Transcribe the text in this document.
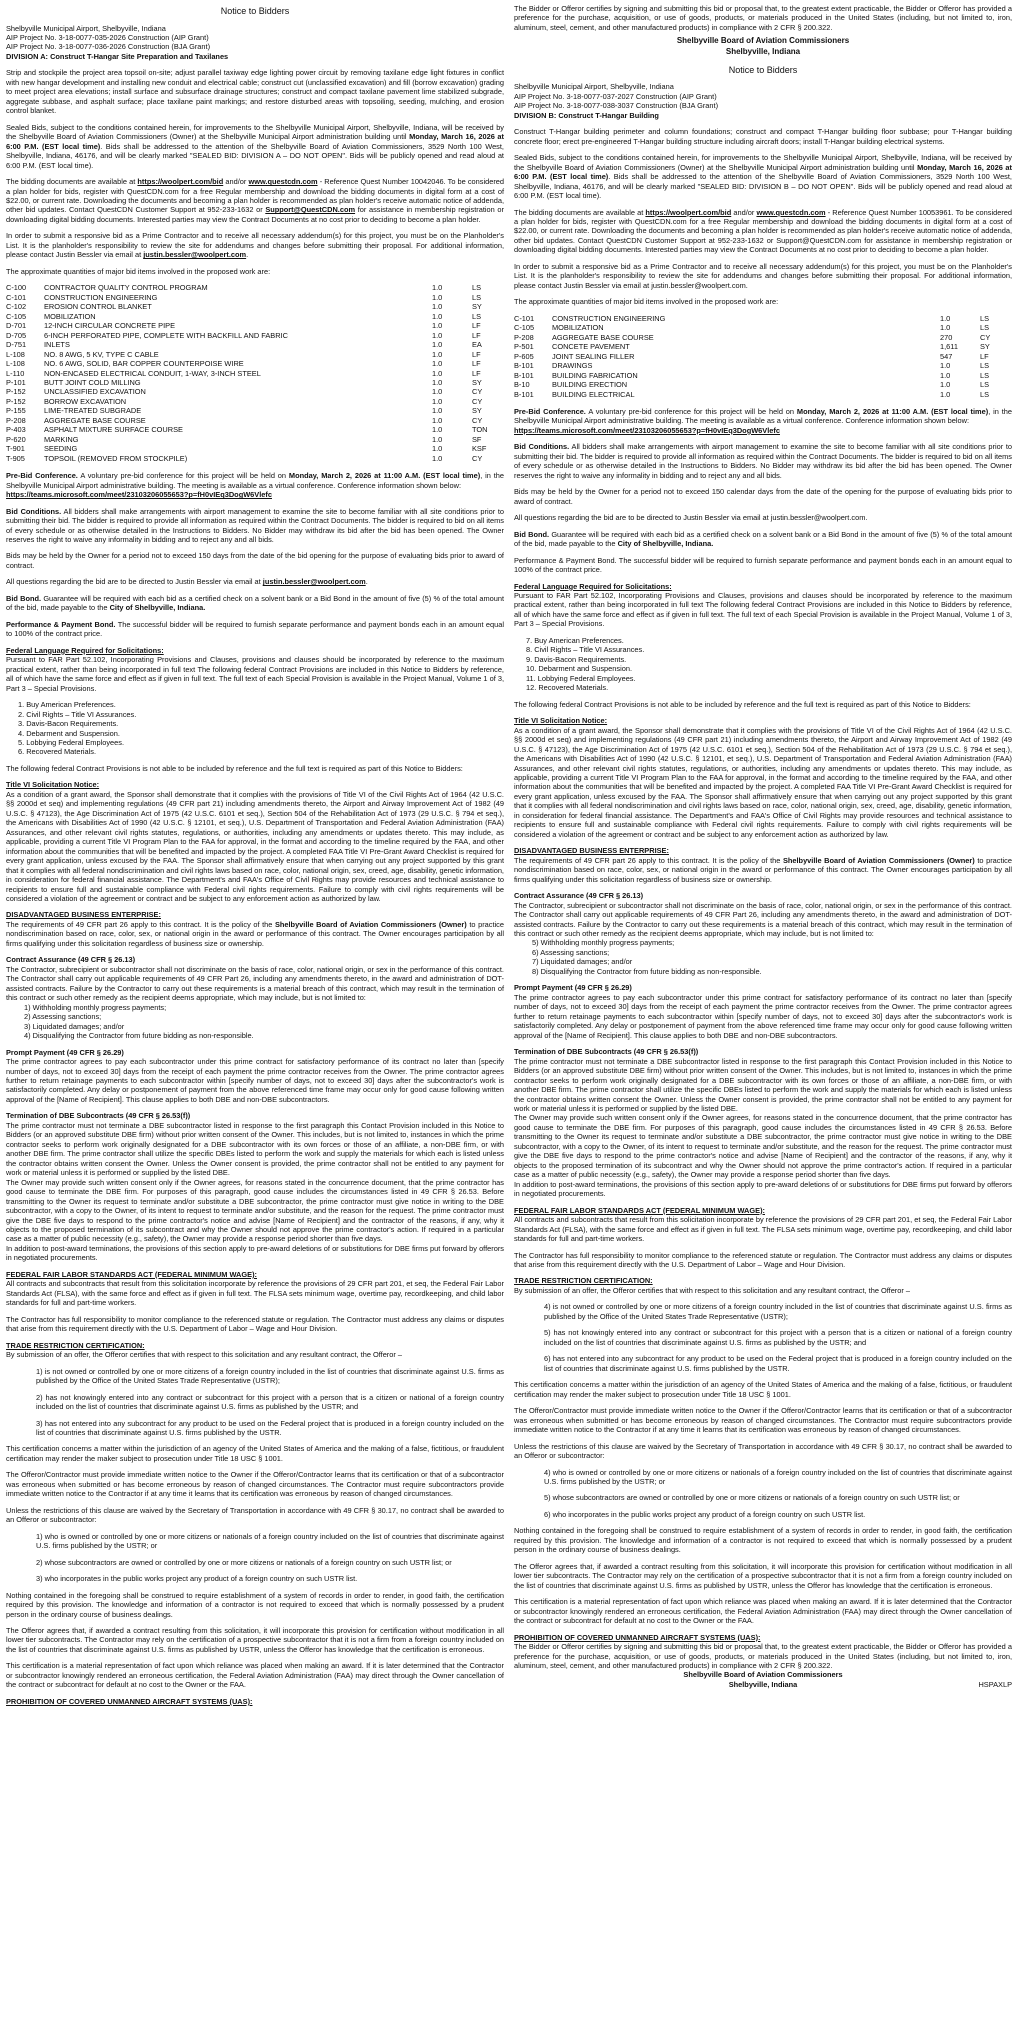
Notice to Bidders
Shelbyville Municipal Airport, Shelbyville, Indiana
AIP Project No. 3-18-0077-035-2026 Construction (AIP Grant)
AIP Project No. 3-18-0077-036-2026 Construction (BJA Grant)
DIVISION A: Construct T-Hangar Site Preparation and Taxilanes

Strip and stockpile the project area topsoil on-site; adjust parallel taxiway edge lighting power circuit by removing taxilane edge light fixtures in conflict with new hangar development and installing new conduit and electrical cable; construct cut (unclassified excavation) and fill (borrow excavation) grading to meet project area elevations; install surface and subsurface drainage structures; construct and compact taxilane pavement lime stabilized subgrade, aggregate subbase, and asphalt surface; place taxilane paint markings; and restore disturbed areas with topsoiling, seeding, mulching, and erosion control blanket.

Sealed Bids, subject to the conditions contained herein, for improvements to the Shelbyville Municipal Airport, Shelbyville, Indiana, will be received by the Shelbyville Board of Aviation Commissioners (Owner) at the Shelbyville Municipal Airport administration building until Monday, March 16, 2026 at 6:00 P.M. (EST local time). Bids shall be addressed to the attention of the Shelbyville Board of Aviation Commissioners, 3529 North 100 West, Shelbyville, Indiana, 46176, and will be clearly marked "SEALED BID: DIVISION A – DO NOT OPEN". Bids will be publicly opened and read aloud at 6:00 P.M. (EST local time).

The bidding documents are available at https://woolpert.com/bid and/or www.questcdn.com - Reference Quest Number 10042046. To be considered a plan holder for bids, register with QuestCDN.com for a free Regular membership and download the bidding documents in digital form at a cost of $22.00, or current rate. Downloading the documents and becoming a plan holder is recommended as plan holder's receive automatic notice of addenda, other bid updates. Contact QuestCDN Customer Support at 952-233-1632 or Support@QuestCDN.com for assistance in membership registration or downloading digital bidding documents. Interested parties may view the Contract Documents at no cost prior to deciding to become a plan holder.

In order to submit a responsive bid as a Prime Contractor and to receive all necessary addendum(s) for this project, you must be on the Planholder's List. It is the planholder's responsibility to review the site for addendums and changes before submitting their proposal. For additional information, please contact Justin Bessler via email at justin.bessler@woolpert.com.

The approximate quantities of major bid items involved in the proposed work are:

C-100	CONTRACTOR QUALITY CONTROL PROGRAM	1.0	LS
C-101	CONSTRUCTION ENGINEERING	1.0	LS
C-102	EROSION CONTROL BLANKET	1.0	SY
C-105	MOBILIZATION	1.0	LS
D-701	12-INCH CIRCULAR CONCRETE PIPE	1.0	LF
D-705	6-INCH PERFORATED PIPE, COMPLETE WITH BACKFILL AND FABRIC	1.0	LF
D-751	INLETS	1.0	EA
L-108	NO. 8 AWG, 5 KV, TYPE C CABLE	1.0	LF
L-108	NO. 6 AWG, SOLID, BAR COPPER COUNTERPOISE WIRE	1.0	LF
L-110	NON-ENCASED ELECTRICAL CONDUIT, 1-WAY, 3-INCH STEEL	1.0	LF
P-101	BUTT JOINT COLD MILLING	1.0	SY
P-152	UNCLASSIFIED EXCAVATION	1.0	CY
P-152	BORROW EXCAVATION	1.0	CY
P-155	LIME-TREATED SUBGRADE	1.0	SY
P-208	AGGREGATE BASE COURSE	1.0	CY
P-403	ASPHALT MIXTURE SURFACE COURSE	1.0	TON
P-620	MARKING	1.0	SF
T-901	SEEDING	1.0	KSF
T-905	TOPSOIL (REMOVED FROM STOCKPILE)	1.0	CY

Pre-Bid Conference. A voluntary pre-bid conference for this project will be held on Monday, March 2, 2026 at 11:00 A.M. (EST local time), in the Shelbyville Municipal Airport administrative building. The meeting is available as a virtual conference. Conference information shown below:
https://teams.microsoft.com/meet/23103206055653?p=fH0vIEq3DogW6Vlefc

Bid Conditions. All bidders shall make arrangements with airport management to examine the site to become familiar with all site conditions prior to submitting their bid. The bidder is required to provide all information as required within the Contract Documents. The bidder is required to bid on all items of every schedule or as otherwise detailed in the Instructions to Bidders. No Bidder may withdraw its bid after the bid has been opened. The Owner reserves the right to waive any informality in bidding and to reject any and all bids.

Bids may be held by the Owner for a period not to exceed 150 days from the date of the bid opening for the purpose of evaluating bids prior to award of contract.

All questions regarding the bid are to be directed to Justin Bessler via email at justin.bessler@woolpert.com.

Bid Bond. Guarantee will be required with each bid as a certified check on a solvent bank or a Bid Bond in the amount of five (5) % of the total amount of the bid, made payable to the City of Shelbyville, Indiana.

Performance & Payment Bond. The successful bidder will be required to furnish separate performance and payment bonds each in an amount equal to 100% of the contract price.

Federal Language Required for Solicitations:

Pursuant to FAR Part 52.102, Incorporating Provisions and Clauses, provisions and clauses should be incorporated by reference to the maximum practical extent, rather than being incorporated in full text The following federal Contract Provisions are included in this Notice to Bidders by reference, all of which have the same force and effect as if given in full text. The full text of each Special Provision is available in the Project Manual, Volume 1 of 3, Part 3 – Special Provisions.

1. Buy American Preferences.
2. Civil Rights – Title VI Assurances.
3. Davis-Bacon Requirements.
4. Debarment and Suspension.
5. Lobbying Federal Employees.
6. Recovered Materials.

The following federal Contract Provisions is not able to be included by reference and the full text is required as part of this Notice to Bidders:

Title VI Solicitation Notice:

As a condition of a grant award, the Sponsor shall demonstrate that it complies with the provisions of Title VI of the Civil Rights Act of 1964 (42 U.S.C. §§ 2000d et seq) and implementing regulations (49 CFR part 21) including amendments thereto, the Airport and Airway Improvement Act of 1982 (49 U.S.C. § 47123), the Age Discrimination Act of 1975 (42 U.S.C. 6101 et seq.), Section 504 of the Rehabilitation Act of 1973 (29 U.S.C. § 794 et seq.), the Americans with Disabilities Act of 1990 (42 U.S.C. § 12101, et seq.), U.S. Department of Transportation and Federal Aviation Administration (FAA) Assurances, and other relevant civil rights statutes, regulations, or authorities, including any amendments or updates thereto. This may include, as applicable, providing a current Title VI Program Plan to the FAA for approval, in the format and according to the timeline required by the FAA, and other information about the communities that will be benefited and impacted by the project. A completed FAA Title VI Pre-Grant Award Checklist is required for every grant application, unless excused by the FAA. The Sponsor shall affirmatively ensure that when carrying out any project supported by this grant that it complies with all federal nondiscrimination and civil rights laws based on race, color, national origin, sex, creed, age, disability, genetic information, in consideration for federal financial assistance. The Department's and FAA's Office of Civil Rights may provide resources and technical assistance to recipients to ensure full and sustainable compliance with Federal civil rights requirements. Failure to comply with civil rights requirements will be considered a violation of the agreement or contract and be subject to any enforcement action as authorized by law.

DISADVANTAGED BUSINESS ENTERPRISE:

The requirements of 49 CFR part 26 apply to this contract. It is the policy of the Shelbyville Board of Aviation Commissioners (Owner) to practice nondiscrimination based on race, color, sex, or national origin in the award or performance of this contract. The Owner encourages participation by all firms qualifying under this solicitation regardless of business size or ownership.

Contract Assurance (49 CFR § 26.13)

The Contractor, subrecipient or subcontractor shall not discriminate on the basis of race, color, national origin, or sex in the performance of this contract. The Contractor shall carry out applicable requirements of 49 CFR Part 26, including any amendments thereto, in the award and administration of DOT-assisted contracts. Failure by the Contractor to carry out these requirements is a material breach of this contract, which may result in the termination of this contract or such other remedy as the recipient deems appropriate, which may include, but is not limited to:

1) Withholding monthly progress payments;
2) Assessing sanctions;
3) Liquidated damages; and/or
4) Disqualifying the Contractor from future bidding as non-responsible.
Prompt Payment (49 CFR § 26.29)

The prime contractor agrees to pay each subcontractor under this prime contract for satisfactory performance of its contract no later than [specify number of days, not to exceed 30] days from the receipt of each payment the prime contractor receives from the Owner. The prime contractor agrees further to return retainage payments to each subcontractor within [specify number of days, not to exceed 30] days after the subcontractor's work is satisfactorily completed. Any delay or postponement of payment from the above referenced time frame may occur only for good cause following written approval of the [Name of Recipient]. This clause applies to both DBE and non-DBE subcontractors.

Termination of DBE Subcontracts (49 CFR § 26.53(f))

The prime contractor must not terminate a DBE subcontractor listed in response to the first paragraph this Contact Provision included in this Notice to Bidders (or an approved substitute DBE firm) without prior written consent of the Owner. This includes, but is not limited to, instances in which the prime contractor seeks to perform work originally designated for a DBE subcontractor with its own forces or those of an affiliate, a non-DBE firm, or with another DBE firm. The prime contractor shall utilize the specific DBEs listed to perform the work and supply the materials for which each is listed unless the contractor obtains written consent the Owner. Unless the Owner consent is provided, the prime contractor shall not be entitled to any payment for work or material unless it is performed or supplied by the listed DBE.

The Owner may provide such written consent only if the Owner agrees, for reasons stated in the concurrence document, that the prime contractor has good cause to terminate the DBE firm. For purposes of this paragraph, good cause includes the circumstances listed in 49 CFR § 26.53. Before transmitting to the Owner its request to terminate and/or substitute a DBE subcontractor, the prime contractor must give notice in writing to the DBE subcontractor, with a copy to the Owner, of its intent to request to terminate and/or substitute, and the reason for the request. The prime contractor must give the DBE five days to respond to the prime contractor's notice and advise [Name of Recipient] and the contractor of the reasons, if any, why it objects to the proposed termination of its subcontract and why the Owner should not approve the prime contractor's action. If required in a particular case as a matter of public necessity (e.g., safety), the Owner may provide a response period shorter than five days.

In addition to post-award terminations, the provisions of this section apply to pre-award deletions of or substitutions for DBE firms put forward by offerors in negotiated procurements.

FEDERAL FAIR LABOR STANDARDS ACT (FEDERAL MINIMUM WAGE):

All contracts and subcontracts that result from this solicitation incorporate by reference the provisions of 29 CFR part 201, et seq, the Federal Fair Labor Standards Act (FLSA), with the same force and effect as if given in full text. The FLSA sets minimum wage, overtime pay, recordkeeping, and child labor standards for full and part-time workers.

The Contractor has full responsibility to monitor compliance to the referenced statute or regulation. The Contractor must address any claims or disputes that arise from this requirement directly with the U.S. Department of Labor – Wage and Hour Division.

TRADE RESTRICTION CERTIFICATION:

By submission of an offer, the Offeror certifies that with respect to this solicitation and any resultant contract, the Offeror –

1) is not owned or controlled by one or more citizens of a foreign country included in the list of countries that discriminate against U.S. firms as published by the Office of the United States Trade Representative (USTR);

2) has not knowingly entered into any contract or subcontract for this project with a person that is a citizen or national of a foreign country included on the list of countries that discriminate against U.S. firms as published by the USTR; and

3) has not entered into any subcontract for any product to be used on the Federal project that is produced in a foreign country included on the list of countries that discriminate against U.S. firms published by the USTR.

This certification concerns a matter within the jurisdiction of an agency of the United States of America and the making of a false, fictitious, or fraudulent certification may render the maker subject to prosecution under Title 18 USC § 1001.

The Offeror/Contractor must provide immediate written notice to the Owner if the Offeror/Contractor learns that its certification or that of a subcontractor was erroneous when submitted or has become erroneous by reason of changed circumstances. The Contractor must require subcontractors provide immediate written notice to the Contractor if at any time it learns that its certification was erroneous by reason of changed circumstances.

Unless the restrictions of this clause are waived by the Secretary of Transportation in accordance with 49 CFR § 30.17, no contract shall be awarded to an Offeror or subcontractor:

1) who is owned or controlled by one or more citizens or nationals of a foreign country included on the list of countries that discriminate against U.S. firms published by the USTR; or

2) whose subcontractors are owned or controlled by one or more citizens or nationals of a foreign country on such USTR list; or

3) who incorporates in the public works project any product of a foreign country on such USTR list.

Nothing contained in the foregoing shall be construed to require establishment of a system of records in order to render, in good faith, the certification required by this provision. The knowledge and information of a contractor is not required to exceed that which is normally possessed by a prudent person in the ordinary course of business dealings.

The Offeror agrees that, if awarded a contract resulting from this solicitation, it will incorporate this provision for certification without modification in all lower tier subcontracts. The Contractor may rely on the certification of a prospective subcontractor that it is not a firm from a foreign country included on the list of countries that discriminate against U.S. firms as published by USTR, unless the Offeror has knowledge that the certification is erroneous.

This certification is a material representation of fact upon which reliance was placed when making an award. If it is later determined that the Contractor or subcontractor knowingly rendered an erroneous certification, the Federal Aviation Administration (FAA) may direct through the Owner cancellation of the contract or subcontract for default at no cost to the Owner or the FAA.

PROHIBITION OF COVERED UNMANNED AIRCRAFT SYSTEMS (UAS):

The Bidder or Offeror certifies by signing and submitting this bid or proposal that, to the greatest extent practicable, the Bidder or Offeror has provided a preference for the purchase, acquisition, or use of goods, products, or materials produced in the United States (including, but not limited to, iron, aluminum, steel, cement, and other manufactured products) in compliance with 2 CFR § 200.322.

Shelbyville Board of Aviation Commissioners
Shelbyville, Indiana
Notice to Bidders
Shelbyville Municipal Airport, Shelbyville, Indiana
AIP Project No. 3-18-0077-037-2027 Construction (AIP Grant)
AIP Project No. 3-18-0077-038-3037 Construction (BJA Grant)
DIVISION B: Construct T-Hangar Building

Construct T-Hangar building perimeter and column foundations; construct and compact T-Hangar building floor subbase; pour T-Hangar building concrete floor; erect pre-engineered T-Hangar building structure including aircraft doors; install T-Hangar building electrical systems.

Sealed Bids, subject to the conditions contained herein, for improvements to the Shelbyville Municipal Airport, Shelbyville, Indiana, will be received by the Shelbyville Board of Aviation Commissioners (Owner) at the Shelbyville Municipal Airport administration building until Monday, March 16, 2026 at 6:00 P.M. (EST local time). Bids shall be addressed to the attention of the Shelbyville Board of Aviation Commissioners, 3529 North 100 West, Shelbyville, Indiana, 46176, and will be clearly marked "SEALED BID: DIVISION B – DO NOT OPEN". Bids will be publicly opened and read aloud at 6:00 P.M. (EST local time).

The bidding documents are available at https://woolpert.com/bid and/or www.questcdn.com - Reference Quest Number 10053961. To be considered a plan holder for bids, register with QuestCDN.com for a free Regular membership and download the bidding documents in digital form at a cost of $22.00, or current rate. Downloading the documents and becoming a plan holder is recommended as plan holder's receive automatic notice of addenda, other bid updates. Contact QuestCDN Customer Support at 952-233-1632 or Support@QuestCDN.com for assistance in membership registration or downloading digital bidding documents. Interested parties may view the Contract Documents at no cost prior to deciding to become a plan holder.

In order to submit a responsive bid as a Prime Contractor and to receive all necessary addendum(s) for this project, you must be on the Planholder's List. It is the planholder's responsibility to review the site for addendums and changes before submitting their proposal. For additional information, please contact Justin Bessler via email at justin.bessler@woolpert.com.

The approximate quantities of major bid items involved in the proposed work are:

C-101	CONSTRUCTION ENGINEERING	1.0	LS
C-105	MOBILIZATION	1.0	LS
P-208	AGGREGATE BASE COURSE	270	CY
P-501	CONCETE PAVEMENT	1,611	SY
P-605	JOINT SEALING FILLER	547	LF
B-101	DRAWINGS	1.0	LS
B-101	BUILDING FABRICATION	1.0	LS
B-10	BUILDING ERECTION	1.0	LS
B-101	BUILDING ELECTRICAL	1.0	LS

Pre-Bid Conference. A voluntary pre-bid conference for this project will be held on Monday, March 2, 2026 at 11:00 A.M. (EST local time), in the Shelbyville Municipal Airport administrative building. The meeting is available as a virtual conference. Conference information shown below:
https://teams.microsoft.com/meet/23103206055653?p=fH0vIEq3DogW6Vlefc

Bid Conditions. All bidders shall make arrangements with airport management to examine the site to become familiar with all site conditions prior to submitting their bid. The bidder is required to provide all information as required within the Contract Documents. The bidder is required to bid on all items of every schedule or as otherwise detailed in the Instructions to Bidders. No Bidder may withdraw its bid after the bid has been opened. The Owner reserves the right to waive any informality in bidding and to reject any and all bids.

Bids may be held by the Owner for a period not to exceed 150 calendar days from the date of the opening for the purpose of evaluating bids prior to award of contract.

All questions regarding the bid are to be directed to Justin Bessler via email at justin.bessler@woolpert.com.

Bid Bond. Guarantee will be required with each bid as a certified check on a solvent bank or a Bid Bond in the amount of five (5) % of the total amount of the bid, made payable to the City of Shelbyville, Indiana.

Performance & Payment Bond. The successful bidder will be required to furnish separate performance and payment bonds each in an amount equal to 100% of the contract price.

Federal Language Required for Solicitations:

Pursuant to FAR Part 52.102, Incorporating Provisions and Clauses, provisions and clauses should be incorporated by reference to the maximum practical extent, rather than being incorporated in full text The following federal Contract Provisions are included in this Notice to Bidders by reference, all of which have the same force and effect as if given in full text. The full text of each Special Provision is available in the Project Manual, Volume 1 of 3, Part 3 – Special Provisions.

7. Buy American Preferences.
8. Civil Rights – Title VI Assurances.
9. Davis-Bacon Requirements.
10. Debarment and Suspension.
11. Lobbying Federal Employees.
12. Recovered Materials.

The following federal Contract Provisions is not able to be included by reference and the full text is required as part of this Notice to Bidders:

Title VI Solicitation Notice:

As a condition of a grant award, the Sponsor shall demonstrate that it complies with the provisions of Title VI of the Civil Rights Act of 1964 (42 U.S.C. §§ 2000d et seq) and implementing regulations (49 CFR part 21) including amendments thereto, the Airport and Airway Improvement Act of 1982 (49 U.S.C. § 47123), the Age Discrimination Act of 1975 (42 U.S.C. 6101 et seq.), Section 504 of the Rehabilitation Act of 1973 (29 U.S.C. § 794 et seq.), the Americans with Disabilities Act of 1990 (42 U.S.C. § 12101, et seq.), U.S. Department of Transportation and Federal Aviation Administration (FAA) Assurances, and other relevant civil rights statutes, regulations, or authorities, including any amendments or updates thereto. This may include, as applicable, providing a current Title VI Program Plan to the FAA for approval, in the format and according to the timeline required by the FAA, and other information about the communities that will be benefited and impacted by the project. A completed FAA Title VI Pre-Grant Award Checklist is required for every grant application, unless excused by the FAA. The Sponsor shall affirmatively ensure that when carrying out any project supported by this grant that it complies with all federal nondiscrimination and civil rights laws based on race, color, national origin, sex, creed, age, disability, genetic information, in consideration for federal financial assistance. The Department's and FAA's Office of Civil Rights may provide resources and technical assistance to recipients to ensure full and sustainable compliance with Federal civil rights requirements. Failure to comply with civil rights requirements will be considered a violation of the agreement or contract and be subject to any enforcement action as authorized by law.

DISADVANTAGED BUSINESS ENTERPRISE:

The requirements of 49 CFR part 26 apply to this contract. It is the policy of the Shelbyville Board of Aviation Commissioners (Owner) to practice nondiscrimination based on race, color, sex, or national origin in the award or performance of this contract. The Owner encourages participation by all firms qualifying under this solicitation regardless of business size or ownership.

Contract Assurance (49 CFR § 26.13)

The Contractor, subrecipient or subcontractor shall not discriminate on the basis of race, color, national origin, or sex in the performance of this contract. The Contractor shall carry out applicable requirements of 49 CFR Part 26, including any amendments thereto, in the award and administration of DOT-assisted contracts. Failure by the Contractor to carry out these requirements is a material breach of this contract, which may result in the termination of this contract or such other remedy as the recipient deems appropriate, which may include, but is not limited to:

5) Withholding monthly progress payments;
6) Assessing sanctions;
7) Liquidated damages; and/or
8) Disqualifying the Contractor from future bidding as non-responsible.
Prompt Payment (49 CFR § 26.29)

The prime contractor agrees to pay each subcontractor under this prime contract for satisfactory performance of its contract no later than [specify number of days, not to exceed 30] days from the receipt of each payment the prime contractor receives from the Owner. The prime contractor agrees further to return retainage payments to each subcontractor within [specify number of days, not to exceed 30] days after the subcontractor's work is satisfactorily completed. Any delay or postponement of payment from the above referenced time frame may occur only for good cause following written approval of the [Name of Recipient]. This clause applies to both DBE and non-DBE subcontractors.

Termination of DBE Subcontracts (49 CFR § 26.53(f))

The prime contractor must not terminate a DBE subcontractor listed in response to the first paragraph this Contact Provision included in this Notice to Bidders (or an approved substitute DBE firm) without prior written consent of the Owner. This includes, but is not limited to, instances in which the prime contractor seeks to perform work originally designated for a DBE subcontractor with its own forces or those of an affiliate, a non-DBE firm, or with another DBE firm. The prime contractor shall utilize the specific DBEs listed to perform the work and supply the materials for which each is listed unless the contractor obtains written consent the Owner. Unless the Owner consent is provided, the prime contractor shall not be entitled to any payment for work or material unless it is performed or supplied by the listed DBE.

The Owner may provide such written consent only if the Owner agrees, for reasons stated in the concurrence document, that the prime contractor has good cause to terminate the DBE firm. For purposes of this paragraph, good cause includes the circumstances listed in 49 CFR § 26.53. Before transmitting to the Owner its request to terminate and/or substitute a DBE subcontractor, the prime contractor must give notice in writing to the DBE subcontractor, with a copy to the Owner, of its intent to request to terminate and/or substitute, and the reason for the request. The prime contractor must give the DBE five days to respond to the prime contractor's notice and advise [Name of Recipient] and the contractor of the reasons, if any, why it objects to the proposed termination of its subcontract and why the Owner should not approve the prime contractor's action. If required in a particular case as a matter of public necessity (e.g., safety), the Owner may provide a response period shorter than five days.

In addition to post-award terminations, the provisions of this section apply to pre-award deletions of or substitutions for DBE firms put forward by offerors in negotiated procurements.

FEDERAL FAIR LABOR STANDARDS ACT (FEDERAL MINIMUM WAGE):

All contracts and subcontracts that result from this solicitation incorporate by reference the provisions of 29 CFR part 201, et seq, the Federal Fair Labor Standards Act (FLSA), with the same force and effect as if given in full text. The FLSA sets minimum wage, overtime pay, recordkeeping, and child labor standards for full and part-time workers.

The Contractor has full responsibility to monitor compliance to the referenced statute or regulation. The Contractor must address any claims or disputes that arise from this requirement directly with the U.S. Department of Labor – Wage and Hour Division.

TRADE RESTRICTION CERTIFICATION:

By submission of an offer, the Offeror certifies that with respect to this solicitation and any resultant contract, the Offeror –

4) is not owned or controlled by one or more citizens of a foreign country included in the list of countries that discriminate against U.S. firms as published by the Office of the United States Trade Representative (USTR);

5) has not knowingly entered into any contract or subcontract for this project with a person that is a citizen or national of a foreign country included on the list of countries that discriminate against U.S. firms as published by the USTR; and

6) has not entered into any subcontract for any product to be used on the Federal project that is produced in a foreign country included on the list of countries that discriminate against U.S. firms published by the USTR.

This certification concerns a matter within the jurisdiction of an agency of the United States of America and the making of a false, fictitious, or fraudulent certification may render the maker subject to prosecution under Title 18 USC § 1001.

The Offeror/Contractor must provide immediate written notice to the Owner if the Offeror/Contractor learns that its certification or that of a subcontractor was erroneous when submitted or has become erroneous by reason of changed circumstances. The Contractor must require subcontractors provide immediate written notice to the Contractor if at any time it learns that its certification was erroneous by reason of changed circumstances.

Unless the restrictions of this clause are waived by the Secretary of Transportation in accordance with 49 CFR § 30.17, no contract shall be awarded to an Offeror or subcontractor:

4) who is owned or controlled by one or more citizens or nationals of a foreign country included on the list of countries that discriminate against U.S. firms published by the USTR; or

5) whose subcontractors are owned or controlled by one or more citizens or nationals of a foreign country on such USTR list; or

6) who incorporates in the public works project any product of a foreign country on such USTR list.

Nothing contained in the foregoing shall be construed to require establishment of a system of records in order to render, in good faith, the certification required by this provision. The knowledge and information of a contractor is not required to exceed that which is normally possessed by a prudent person in the ordinary course of business dealings.

The Offeror agrees that, if awarded a contract resulting from this solicitation, it will incorporate this provision for certification without modification in all lower tier subcontracts. The Contractor may rely on the certification of a prospective subcontractor that it is not a firm from a foreign country included on the list of countries that discriminate against U.S. firms as published by USTR, unless the Offeror has knowledge that the certification is erroneous.

This certification is a material representation of fact upon which reliance was placed when making an award. If it is later determined that the Contractor or subcontractor knowingly rendered an erroneous certification, the Federal Aviation Administration (FAA) may direct through the Owner cancellation of the contract or subcontract for default at no cost to the Owner or the FAA.

PROHIBITION OF COVERED UNMANNED AIRCRAFT SYSTEMS (UAS):

The Bidder or Offeror certifies by signing and submitting this bid or proposal that, to the greatest extent practicable, the Bidder or Offeror has provided a preference for the purchase, acquisition, or use of goods, products, or materials produced in the United States (including, but not limited to, iron, aluminum, steel, cement, and other manufactured products) in compliance with 2 CFR § 200.322.

Shelbyville Board of Aviation Commissioners
Shelbyville, Indiana	HSPAXLP
